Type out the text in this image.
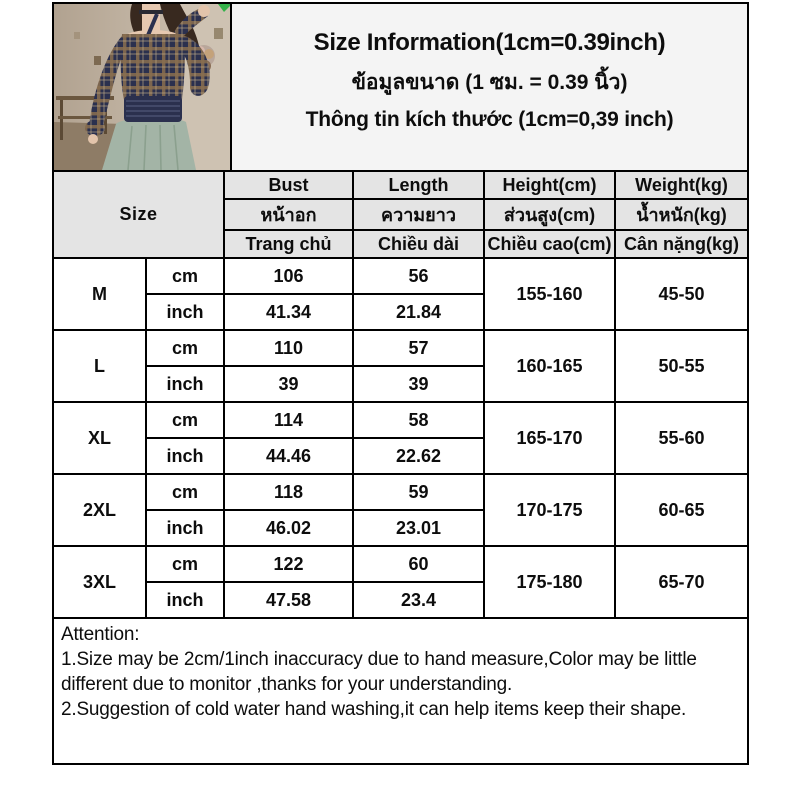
Size Information(1cm=0.39inch)
ข้อมูลขนาด (1 ซม. = 0.39 นิ้ว)
Thông tin kích thước (1cm=0,39 inch)
Size		Bust	Length	Height(cm)	Weight(kg)
		หน้าอก	ความยาว	ส่วนสูง(cm)	น้ำหนัก(kg)
		Trang chủ	Chiều dài	Chiều cao(cm)	Cân nặng(kg)
M	cm	106	56	155-160	45-50
	inch	41.34	21.84		
L	cm	110	57	160-165	50-55
	inch	39	39		
XL	cm	114	58	165-170	55-60
	inch	44.46	22.62		
2XL	cm	118	59	170-175	60-65
	inch	46.02	23.01		
3XL	cm	122	60	175-180	65-70
	inch	47.58	23.4		
Attention:
1.Size may be 2cm/1inch inaccuracy due to hand measure,Color may be little different due to monitor ,thanks for your understanding.
2.Suggestion of cold water hand washing,it can help items keep their shape.
